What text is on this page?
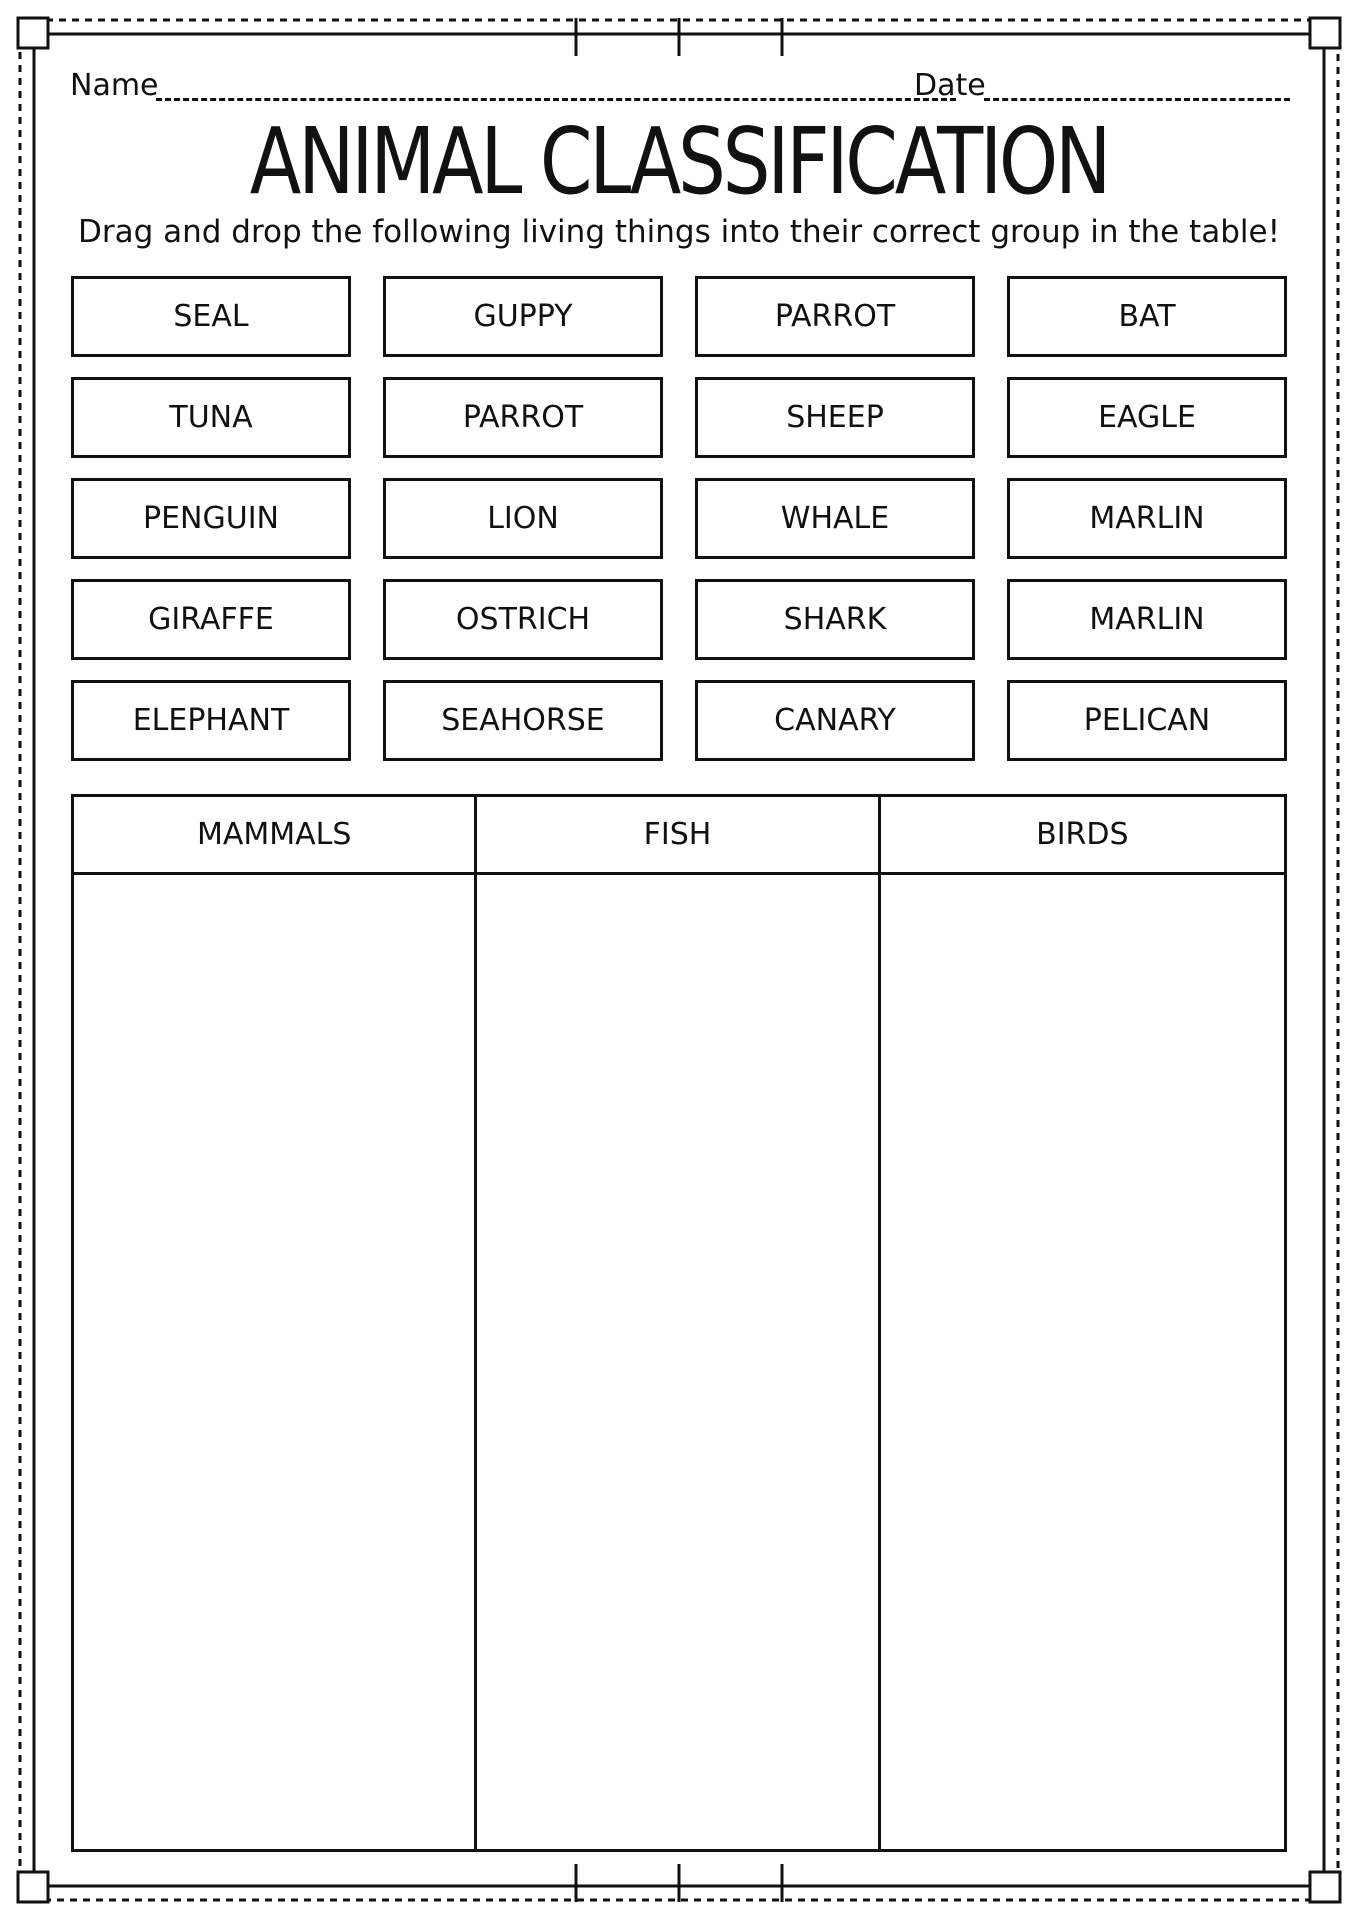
Name	Date
ANIMAL CLASSIFICATION
Drag and drop the following living things into their correct group in the table!
SEAL	GUPPY	PARROT	BAT
TUNA	PARROT	SHEEP	EAGLE
PENGUIN	LION	WHALE	MARLIN
GIRAFFE	OSTRICH	SHARK	MARLIN
ELEPHANT	SEAHORSE	CANARY	PELICAN
MAMMALS	FISH	BIRDS
